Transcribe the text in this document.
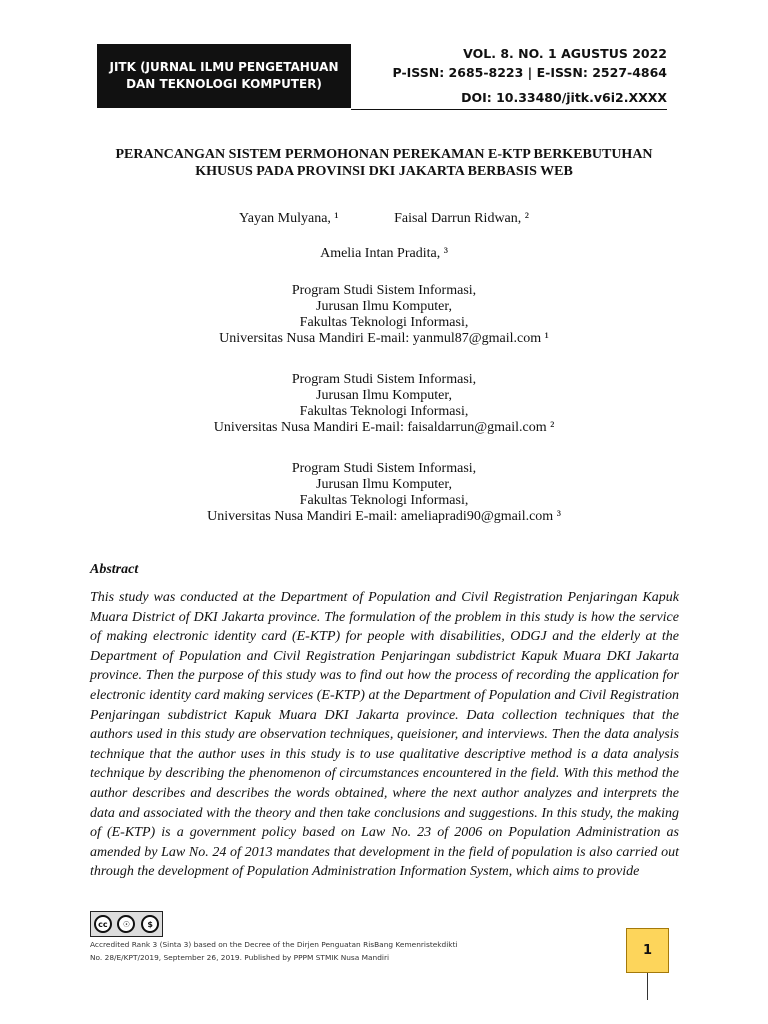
JITK (JURNAL ILMU PENGETAHUAN
DAN TEKNOLOGI KOMPUTER)
VOL. 8. NO. 1 AGUSTUS 2022
P-ISSN: 2685-8223 | E-ISSN: 2527-4864
DOI: 10.33480/jitk.v6i2.XXXX
PERANCANGAN SISTEM PERMOHONAN PEREKAMAN E-KTP BERKEBUTUHAN
KHUSUS PADA PROVINSI DKI JAKARTA BERBASIS WEB
Yayan Mulyana, ¹	Faisal Darrun Ridwan, ²
Amelia Intan Pradita, ³
Program Studi Sistem Informasi,
Jurusan Ilmu Komputer,
Fakultas Teknologi Informasi,
Universitas Nusa Mandiri E-mail: yanmul87@gmail.com ¹
Program Studi Sistem Informasi,
Jurusan Ilmu Komputer,
Fakultas Teknologi Informasi,
Universitas Nusa Mandiri E-mail: faisaldarrun@gmail.com ²
Program Studi Sistem Informasi,
Jurusan Ilmu Komputer,
Fakultas Teknologi Informasi,
Universitas Nusa Mandiri E-mail: ameliapradi90@gmail.com ³
Abstract
This study was conducted at the Department of Population and Civil Registration Penjaringan Kapuk Muara District of DKI Jakarta province. The formulation of the problem in this study is how the service of making electronic identity card (E-KTP) for people with disabilities, ODGJ and the elderly at the Department of Population and Civil Registration Penjaringan subdistrict Kapuk Muara DKI Jakarta province. Then the purpose of this study was to find out how the process of recording the application for electronic identity card making services (E-KTP) at the Department of Population and Civil Registration Penjaringan subdistrict Kapuk Muara DKI Jakarta province. Data collection techniques that the authors used in this study are observation techniques, queisioner, and interviews. Then the data analysis technique that the author uses in this study is to use qualitative descriptive method is a data analysis technique by describing the phenomenon of circumstances encountered in the field. With this method the author describes and describes the words obtained, where the next author analyzes and interprets the data and associated with the theory and then take conclusions and suggestions. In this study, the making of (E-KTP) is a government policy based on Law No. 23 of 2006 on Population Administration as amended by Law No. 24 of 2013 mandates that development in the field of population is also carried out through the development of Population Administration Information System, which aims to provide
cc	☉	$
Accredited Rank 3 (Sinta 3) based on the Decree of the Dirjen Penguatan RisBang Kemenristekdikti
No. 28/E/KPT/2019, September 26, 2019. Published by PPPM STMIK Nusa Mandiri	1
